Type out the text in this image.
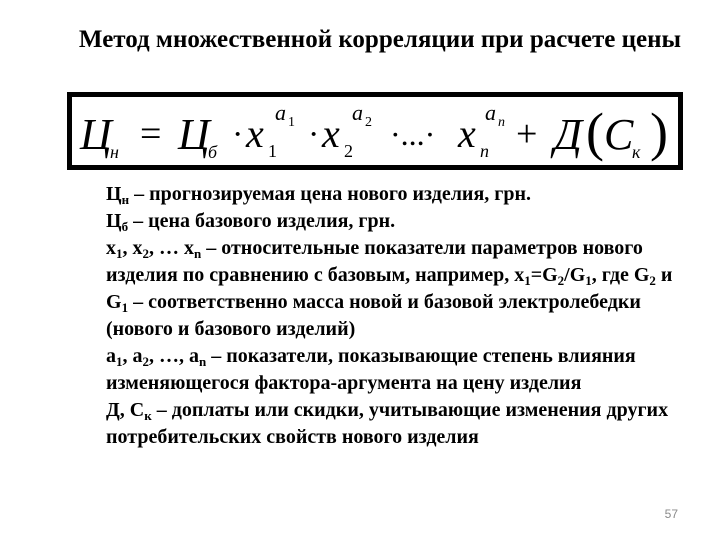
Метод множественной корреляции при расчете цены
Ц
н = Ц
б · x 1
a 1 · x 2
a 2 ·...· x n
a n + Д ( С
к )

$Ц_н$ – прогнозируемая цена нового изделия, грн.

$Ц_б$ – цена базового изделия, грн.

$x_1$, $x_2$, … $x_n$ – относительные показатели параметров нового изделия по сравнению с базовым, например, $x_1=G_2/G_1$, где $G_2$ и $G_1$ – соответственно масса новой и базовой электролебедки (нового и базового изделий)

$a_1$, $a_2$, …, $a_n$ – показатели, показывающие степень влияния изменяющегося фактора-аргумента на цену изделия

Д, $С_к$ – доплаты или скидки, учитывающие изменения других потребительских свойств нового изделия

57
